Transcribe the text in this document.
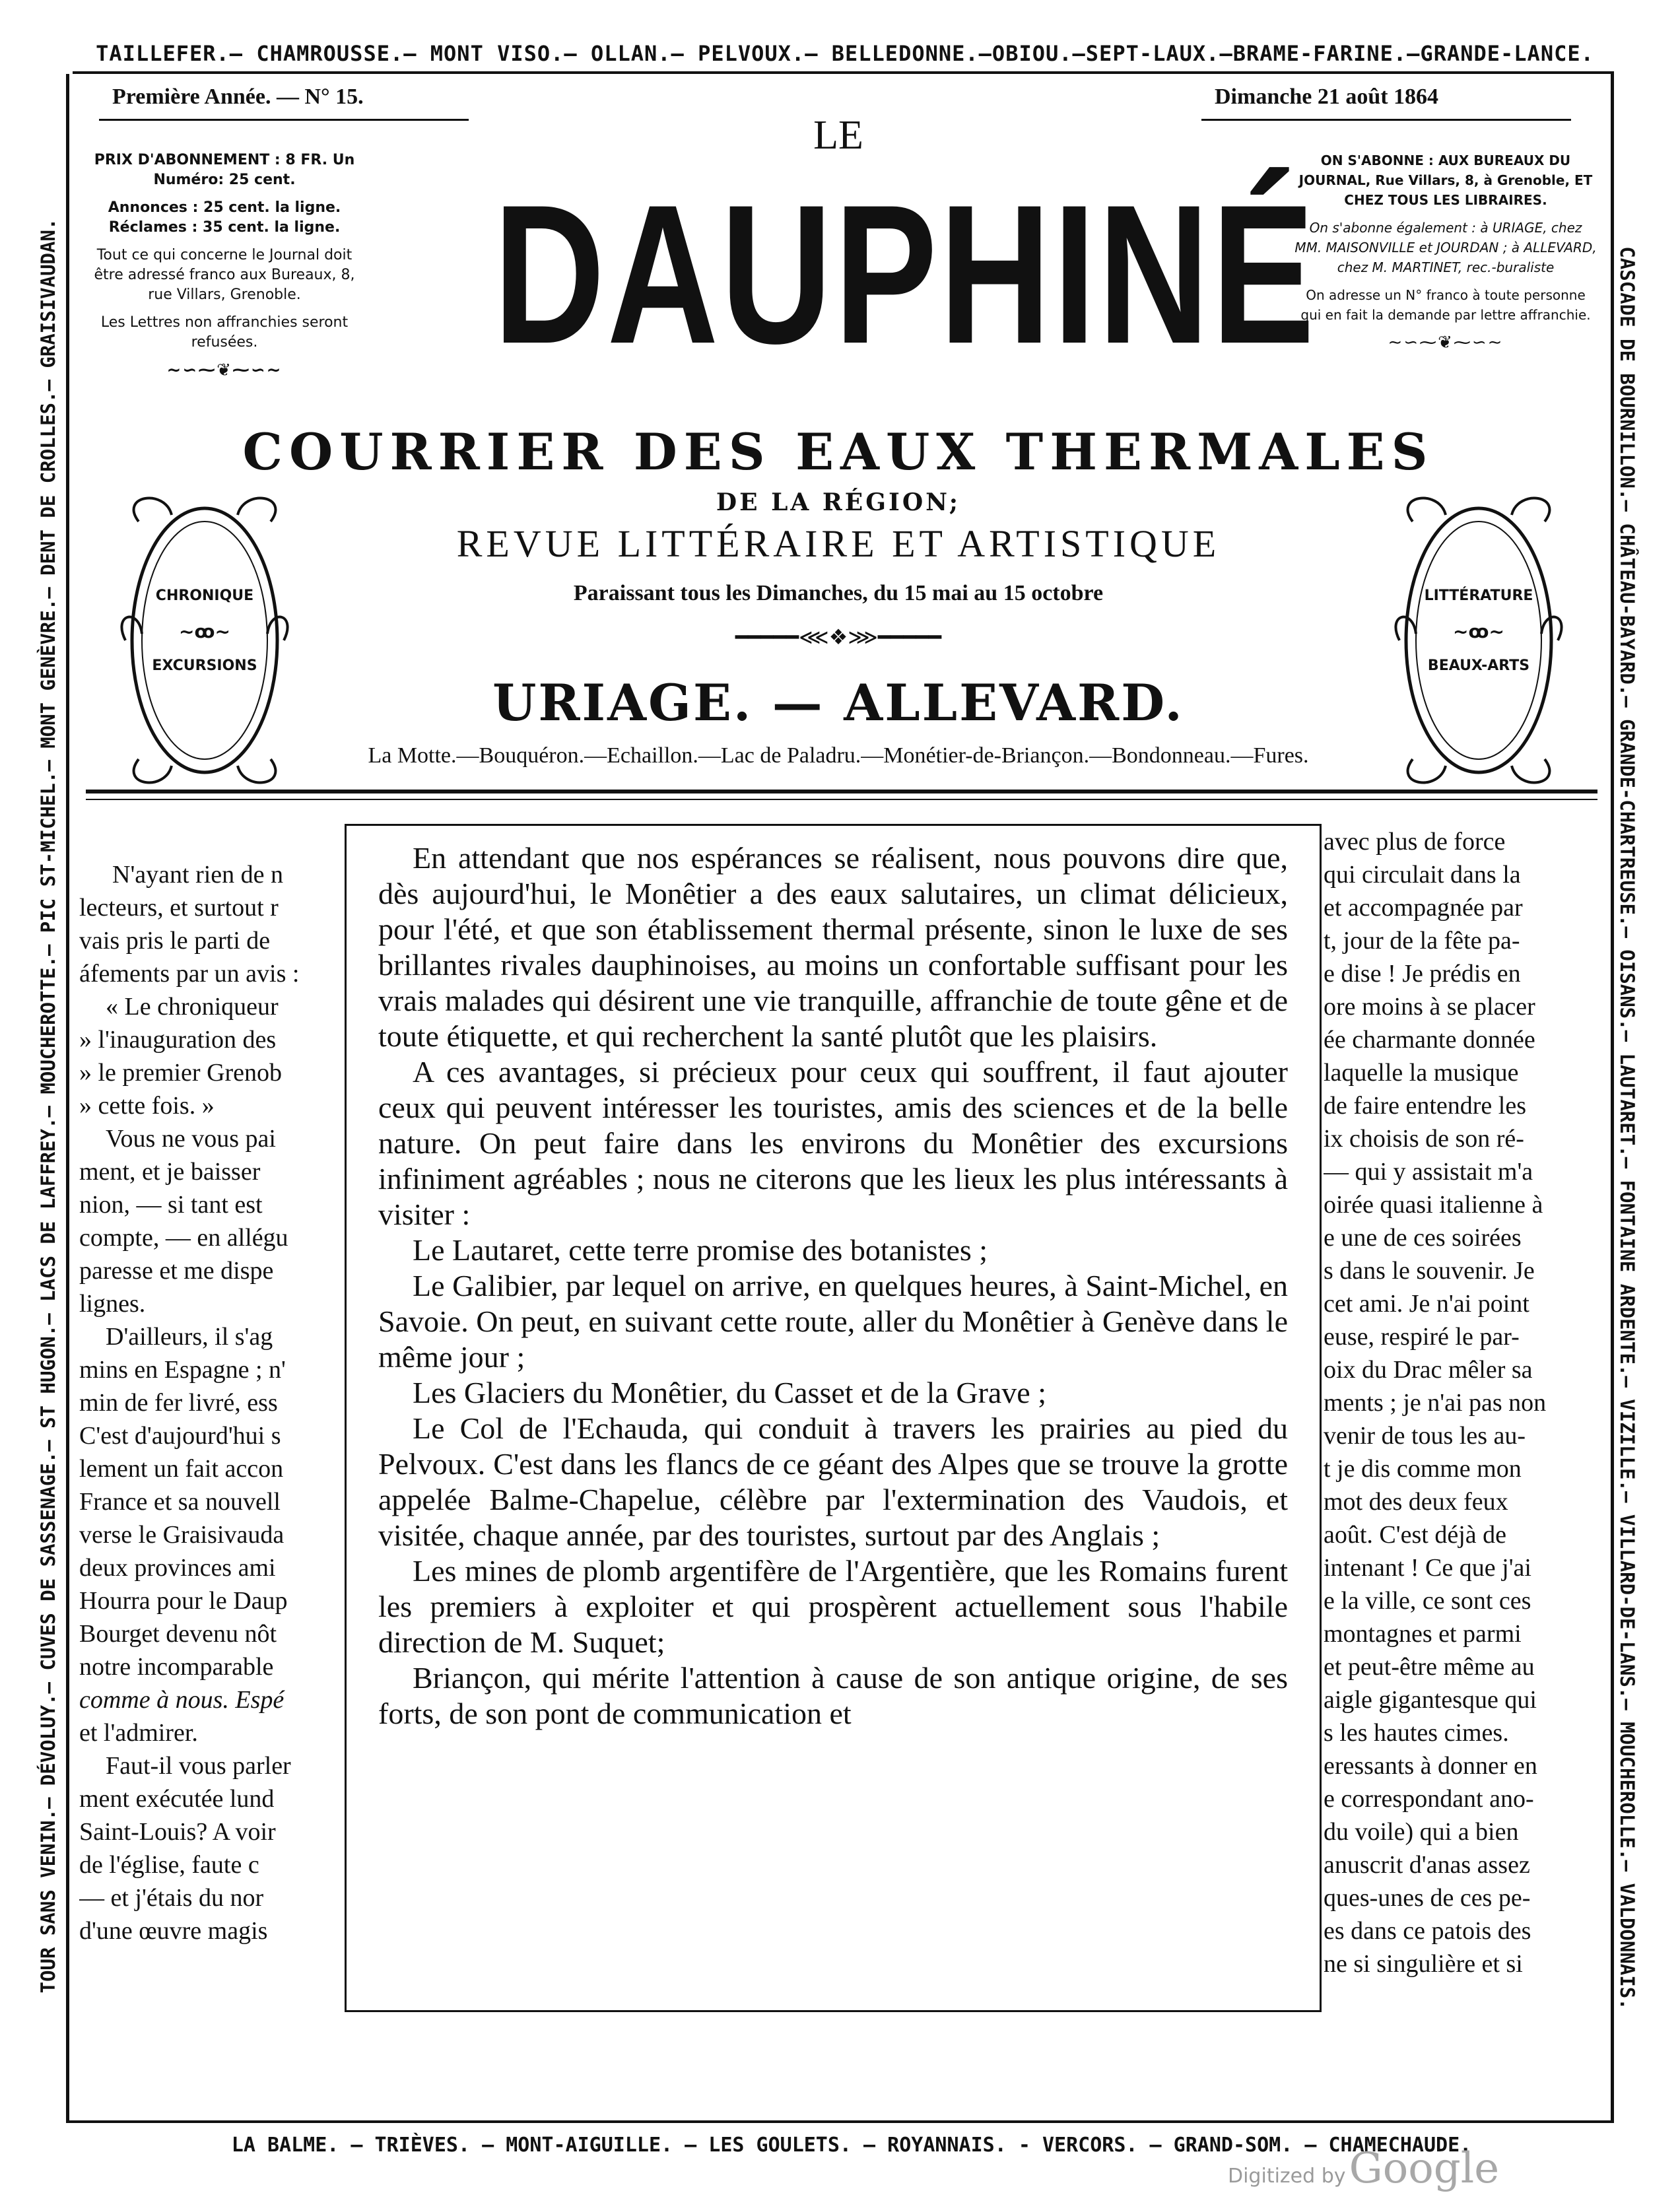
TAILLEFER.— CHAMROUSSE.— MONT VISO.— OLLAN.— PELVOUX.— BELLEDONNE.—OBIOU.—SEPT-LAUX.—BRAME-FARINE.—GRANDE-LANCE.
LA BALME. — TRIÈVES. — MONT-AIGUILLE. — LES GOULETS. — ROYANNAIS. - VERCORS. — GRAND-SOM. — CHAMECHAUDE.
TOUR SANS VENIN.— DÉVOLUY.— CUVES DE SASSENAGE.— ST HUGON.— LACS DE LAFFREY.— MOUCHEROTTE.— PIC ST-MICHEL.— MONT GENÈVRE.— DENT DE CROLLES.— GRAISIVAUDAN.	CASCADE DE BOURNILLON.— CHÂTEAU-BAYARD.— GRANDE-CHARTREUSE.— OISANS.— LAUTARET.— FONTAINE ARDENTE.— VIZILLE.— VILLARD-DE-LANS.— MOUCHEROLLE.— VALDONNAIS.
Première Année. — N° 15.	Dimanche 21 août 1864
LE
DAUPHINÉ

PRIX D'ABONNEMENT : 8 FR. Un Numéro: 25 cent.

Annonces : 25 cent. la ligne. Réclames : 35 cent. la ligne.

Tout ce qui concerne le Journal doit être adressé franco aux Bureaux, 8, rue Villars, Grenoble.

Les Lettres non affranchies seront refusées.

∼∽⁓❦⁓∽∼

ON S'ABONNE : AUX BUREAUX DU JOURNAL, Rue Villars, 8, à Grenoble, ET CHEZ TOUS LES LIBRAIRES.

On s'abonne également : à URIAGE, chez MM. MAISONVILLE et JOURDAN ; à ALLEVARD, chez M. MARTINET, rec.-buraliste

On adresse un N° franco à toute personne qui en fait la demande par lettre affranchie.

∼∽⁓❦⁓∽∼
COURRIER DES EAUX THERMALES
DE LA RÉGION;
REVUE LITTÉRAIRE ET ARTISTIQUE
Paraissant tous les Dimanches, du 15 mai au 15 octobre
━━━━━⋘❖⋙━━━━━
URIAGE. — ALLEVARD.
La Motte.—Bouquéron.—Echaillon.—Lac de Paladru.—Monétier-de-Briançon.—Bondonneau.—Fures.
CHRONIQUE
~ꝏ~
EXCURSIONS
LITTÉRATURE
~ꝏ~
BEAUX-ARTS

N'ayant rien de n

lecteurs, et surtout r

vais pris le parti de

áfements par un avis :

« Le chroniqueur

» l'inauguration des

» le premier Grenob

» cette fois. »

Vous ne vous pai

ment, et je baisser

nion, — si tant est

compte, — en allégu

paresse et me dispe

lignes.

D'ailleurs, il s'ag

mins en Espagne ; n'

min de fer livré, ess

C'est d'aujourd'hui s

lement un fait accon

France et sa nouvell

verse le Graisivauda

deux provinces ami

Hourra pour le Daup

Bourget devenu nôt

notre incomparable

comme à nous. Espé

et l'admirer.

Faut-il vous parler

ment exécutée lund

Saint-Louis? A voir

de l'église, faute c

— et j'étais du nor

d'une œuvre magis

avec plus de force

qui circulait dans la

et accompagnée par

t, jour de la fête pa-

e dise ! Je prédis en

ore moins à se placer

ée charmante donnée

laquelle la musique

de faire entendre les

ix choisis de son ré-

— qui y assistait m'a

oirée quasi italienne à

e une de ces soirées

s dans le souvenir. Je

cet ami. Je n'ai point

euse, respiré le par-

oix du Drac mêler sa

ments ; je n'ai pas non

venir de tous les au-

t je dis comme mon

mot des deux feux

août. C'est déjà de

intenant ! Ce que j'ai

e la ville, ce sont ces

montagnes et parmi

et peut-être même au

aigle gigantesque qui

s les hautes cimes.

eressants à donner en

e correspondant ano-

du voile) qui a bien

anuscrit d'anas assez

ques-unes de ces pe-

es dans ce patois des

ne si singulière et si

En attendant que nos espérances se réalisent, nous pouvons dire que, dès aujourd'hui, le Monêtier a des eaux salutaires, un climat délicieux, pour l'été, et que son établissement thermal présente, sinon le luxe de ses brillantes rivales dauphinoises, au moins un confortable suffisant pour les vrais malades qui désirent une vie tranquille, affranchie de toute gêne et de toute étiquette, et qui recherchent la santé plutôt que les plaisirs.

A ces avantages, si précieux pour ceux qui souffrent, il faut ajouter ceux qui peuvent intéresser les touristes, amis des sciences et de la belle nature. On peut faire dans les environs du Monêtier des excursions infiniment agréables ; nous ne citerons que les lieux les plus intéressants à visiter :

Le Lautaret, cette terre promise des botanistes ;

Le Galibier, par lequel on arrive, en quelques heures, à Saint-Michel, en Savoie. On peut, en suivant cette route, aller du Monêtier à Genève dans le même jour ;

Les Glaciers du Monêtier, du Casset et de la Grave ;

Le Col de l'Echauda, qui conduit à travers les prairies au pied du Pelvoux. C'est dans les flancs de ce géant des Alpes que se trouve la grotte appelée Balme-Chapelue, célèbre par l'extermination des Vaudois, et visitée, chaque année, par des touristes, surtout par des Anglais ;

Les mines de plomb argentifère de l'Argentière, que les Romains furent les premiers à exploiter et qui prospèrent actuellement sous l'habile direction de M. Suquet;

Briançon, qui mérite l'attention à cause de son antique origine, de ses forts, de son pont de communication et

Digitized by Google
